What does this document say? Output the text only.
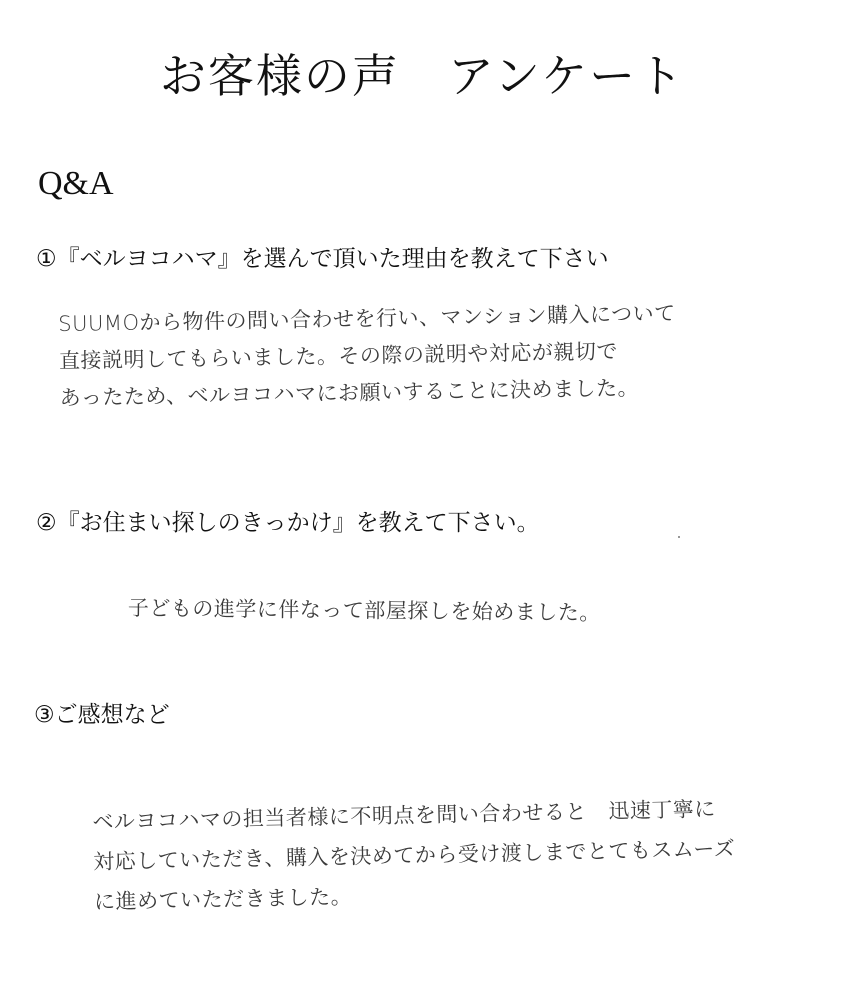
お客様の声　アンケート
Q&A
①『ベルヨコハマ』を選んで頂いた理由を教えて下さい
SUUMOから物件の問い合わせを行い、マンション購入について
直接説明してもらいました。その際の説明や対応が親切で
あったため、ベルヨコハマにお願いすることに決めました。
②『お住まい探しのきっかけ』を教えて下さい。
子どもの進学に伴なって部屋探しを始めました。
③ご感想など
ベルヨコハマの担当者様に不明点を問い合わせると　迅速丁寧に
対応していただき、購入を決めてから受け渡しまでとてもスムーズ
に進めていただきました。
